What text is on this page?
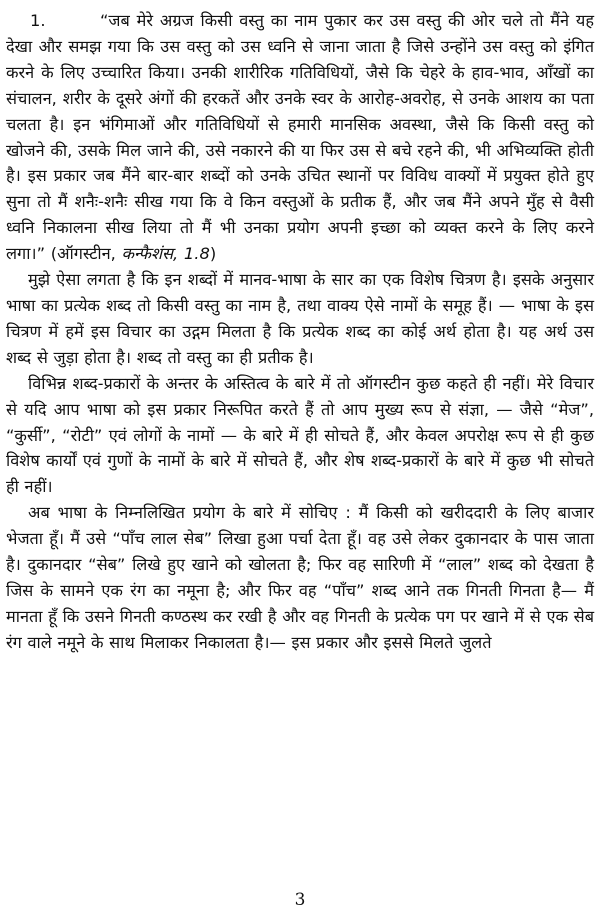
1.	“जब मेरे अग्रज किसी वस्तु का नाम पुकार कर उस वस्तु की ओर चले तो मैंने यह देखा और समझ गया कि उस वस्तु को उस ध्वनि से जाना जाता है जिसे उन्होंने उस वस्तु को इंगित करने के लिए उच्चारित किया। उनकी शारीरिक गतिविधियों, जैसे कि चेहरे के हाव-भाव, आँखों का संचालन, शरीर के दूसरे अंगों की हरकतें और उनके स्वर के आरोह-अवरोह, से उनके आशय का पता चलता है। इन भंगिमाओं और गतिविधियों से हमारी मानसिक अवस्था, जैसे कि किसी वस्तु को खोजने की, उसके मिल जाने की, उसे नकारने की या फिर उस से बचे रहने की, भी अभिव्यक्ति होती है। इस प्रकार जब मैंने बार-बार शब्दों को उनके उचित स्थानों पर विविध वाक्यों में प्रयुक्त होते हुए सुना तो मैं शनैः-शनैः सीख गया कि वे किन वस्तुओं के प्रतीक हैं, और जब मैंने अपने मुँह से वैसी ध्वनि निकालना सीख लिया तो मैं भी उनका प्रयोग अपनी इच्छा को व्यक्त करने के लिए करने लगा।” (ऑगस्टीन, कन्फैशंस, 1.8)

मुझे ऐसा लगता है कि इन शब्दों में मानव-भाषा के सार का एक विशेष चित्रण है। इसके अनुसार भाषा का प्रत्येक शब्द तो किसी वस्तु का नाम है, तथा वाक्य ऐसे नामों के समूह हैं। — भाषा के इस चित्रण में हमें इस विचार का उद्गम मिलता है कि प्रत्येक शब्द का कोई अर्थ होता है। यह अर्थ उस शब्द से जुड़ा होता है। शब्द तो वस्तु का ही प्रतीक है।

विभिन्न शब्द-प्रकारों के अन्तर के अस्तित्व के बारे में तो ऑगस्टीन कुछ कहते ही नहीं। मेरे विचार से यदि आप भाषा को इस प्रकार निरूपित करते हैं तो आप मुख्य रूप से संज्ञा, — जैसे “मेज”, “कुर्सी”, “रोटी” एवं लोगों के नामों — के बारे में ही सोचते हैं, और केवल अपरोक्ष रूप से ही कुछ विशेष कार्यों एवं गुणों के नामों के बारे में सोचते हैं, और शेष शब्द-प्रकारों के बारे में कुछ भी सोचते ही नहीं।

अब भाषा के निम्नलिखित प्रयोग के बारे में सोचिए : मैं किसी को खरीददारी के लिए बाजार भेजता हूँ। मैं उसे “पाँच लाल सेब” लिखा हुआ पर्चा देता हूँ। वह उसे लेकर दुकानदार के पास जाता है। दुकानदार “सेब” लिखे हुए खाने को खोलता है; फिर वह सारिणी में “लाल” शब्द को देखता है जिस के सामने एक रंग का नमूना है; और फिर वह “पाँच” शब्द आने तक गिनती गिनता है— मैं मानता हूँ कि उसने गिनती कण्ठस्थ कर रखी है और वह गिनती के प्रत्येक पग पर खाने में से एक सेब रंग वाले नमूने के साथ मिलाकर निकालता है।— इस प्रकार और इससे मिलते जुलते

3
